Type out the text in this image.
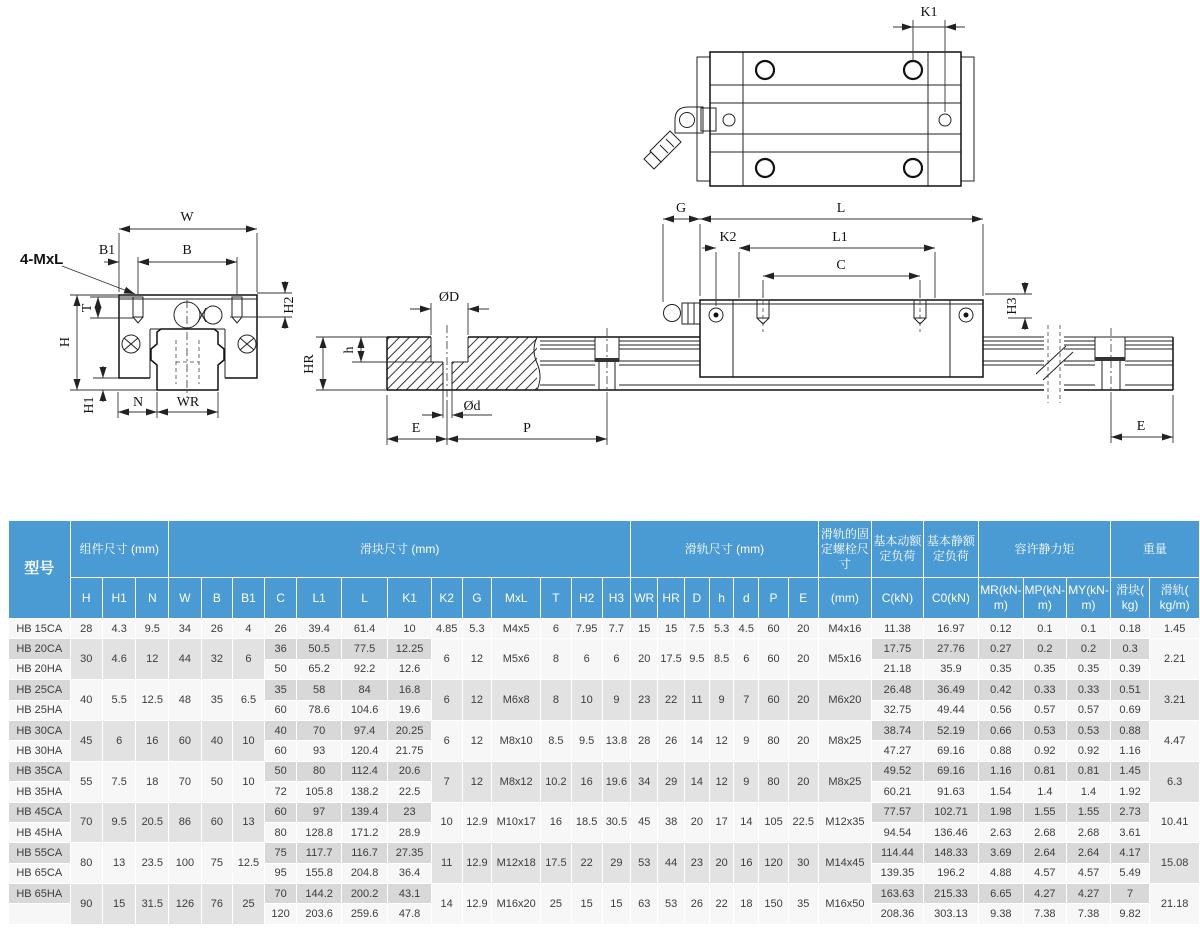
K1
W
B
B1
4-MxL
T
H
H1
H2
N WR
ØD
h
HR
Ød
E	P
G	L
K2	L1
C
H3
E
型号	组件尺寸 (mm)			滑块尺寸 (mm)													滑轨尺寸 (mm)							滑轨的固定螺栓尺寸	基本动额定负荷	基本静额定负荷	容许静力矩			重量	
	H	H1	N	W	B	B1	C	L1	L	K1	K2	G	MxL	T	H2	H3	WR	HR	D	h	d	P	E	(mm)	C(kN)	C0(kN)	MR(kN-m)	MP(kN-m)	MY(kN-m)	滑块( kg)	滑轨( kg/m)
HB 15CA	28	4.3	9.5	34	26	4	26	39.4	61.4	10	4.85	5.3	M4x5	6	7.95	7.7	15	15	7.5	5.3	4.5	60	20	M4x16	11.38	16.97	0.12	0.1	0.1	0.18	1.45
HB 20CA	30	4.6	12	44	32	6	36	50.5	77.5	12.25	6	12	M5x6	8	6	6	20	17.5	9.5	8.5	6	60	20	M5x16	17.75	27.76	0.27	0.2	0.2	0.3	2.21
HB 20HA							50	65.2	92.2	12.6															21.18	35.9	0.35	0.35	0.35	0.39	
HB 25CA	40	5.5	12.5	48	35	6.5	35	58	84	16.8	6	12	M6x8	8	10	9	23	22	11	9	7	60	20	M6x20	26.48	36.49	0.42	0.33	0.33	0.51	3.21
HB 25HA							60	78.6	104.6	19.6															32.75	49.44	0.56	0.57	0.57	0.69	
HB 30CA	45	6	16	60	40	10	40	70	97.4	20.25	6	12	M8x10	8.5	9.5	13.8	28	26	14	12	9	80	20	M8x25	38.74	52.19	0.66	0.53	0.53	0.88	4.47
HB 30HA							60	93	120.4	21.75															47.27	69.16	0.88	0.92	0.92	1.16	
HB 35CA	55	7.5	18	70	50	10	50	80	112.4	20.6	7	12	M8x12	10.2	16	19.6	34	29	14	12	9	80	20	M8x25	49.52	69.16	1.16	0.81	0.81	1.45	6.3
HB 35HA							72	105.8	138.2	22.5															60.21	91.63	1.54	1.4	1.4	1.92	
HB 45CA	70	9.5	20.5	86	60	13	60	97	139.4	23	10	12.9	M10x17	16	18.5	30.5	45	38	20	17	14	105	22.5	M12x35	77.57	102.71	1.98	1.55	1.55	2.73	10.41
HB 45HA							80	128.8	171.2	28.9															94.54	136.46	2.63	2.68	2.68	3.61	
HB 55CA	80	13	23.5	100	75	12.5	75	117.7	116.7	27.35	11	12.9	M12x18	17.5	22	29	53	44	23	20	16	120	30	M14x45	114.44	148.33	3.69	2.64	2.64	4.17	15.08
HB 65CA							95	155.8	204.8	36.4															139.35	196.2	4.88	4.57	4.57	5.49	
HB 65HA	90	15	31.5	126	76	25	70	144.2	200.2	43.1	14	12.9	M16x20	25	15	15	63	53	26	22	18	150	35	M16x50	163.63	215.33	6.65	4.27	4.27	7	21.18
							120	203.6	259.6	47.8															208.36	303.13	9.38	7.38	7.38	9.82	
